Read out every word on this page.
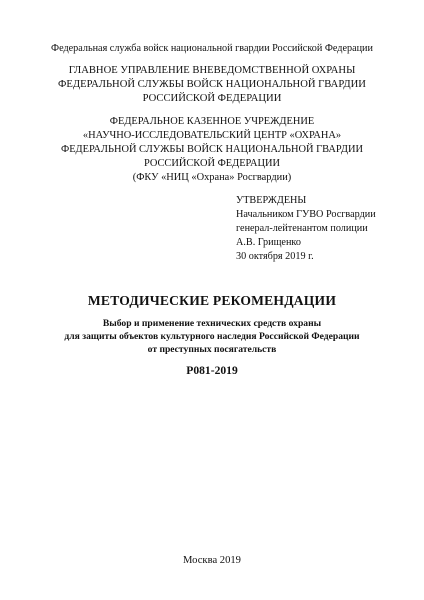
Федеральная служба войск национальной гвардии Российской Федерации
ГЛАВНОЕ УПРАВЛЕНИЕ ВНЕВЕДОМСТВЕННОЙ ОХРАНЫ
ФЕДЕРАЛЬНОЙ СЛУЖБЫ ВОЙСК НАЦИОНАЛЬНОЙ ГВАРДИИ
РОССИЙСКОЙ ФЕДЕРАЦИИ
ФЕДЕРАЛЬНОЕ КАЗЕННОЕ УЧРЕЖДЕНИЕ
«НАУЧНО-ИССЛЕДОВАТЕЛЬСКИЙ ЦЕНТР «ОХРАНА»
ФЕДЕРАЛЬНОЙ СЛУЖБЫ ВОЙСК НАЦИОНАЛЬНОЙ ГВАРДИИ
РОССИЙСКОЙ ФЕДЕРАЦИИ
(ФКУ «НИЦ «Охрана» Росгвардии)
УТВЕРЖДЕНЫ
Начальником ГУВО Росгвардии
генерал-лейтенантом полиции
А.В. Грищенко
30 октября 2019 г.
МЕТОДИЧЕСКИЕ РЕКОМЕНДАЦИИ
Выбор и применение технических средств охраны
для защиты объектов культурного наследия Российской Федерации
от преступных посягательств
Р081-2019
Москва 2019
